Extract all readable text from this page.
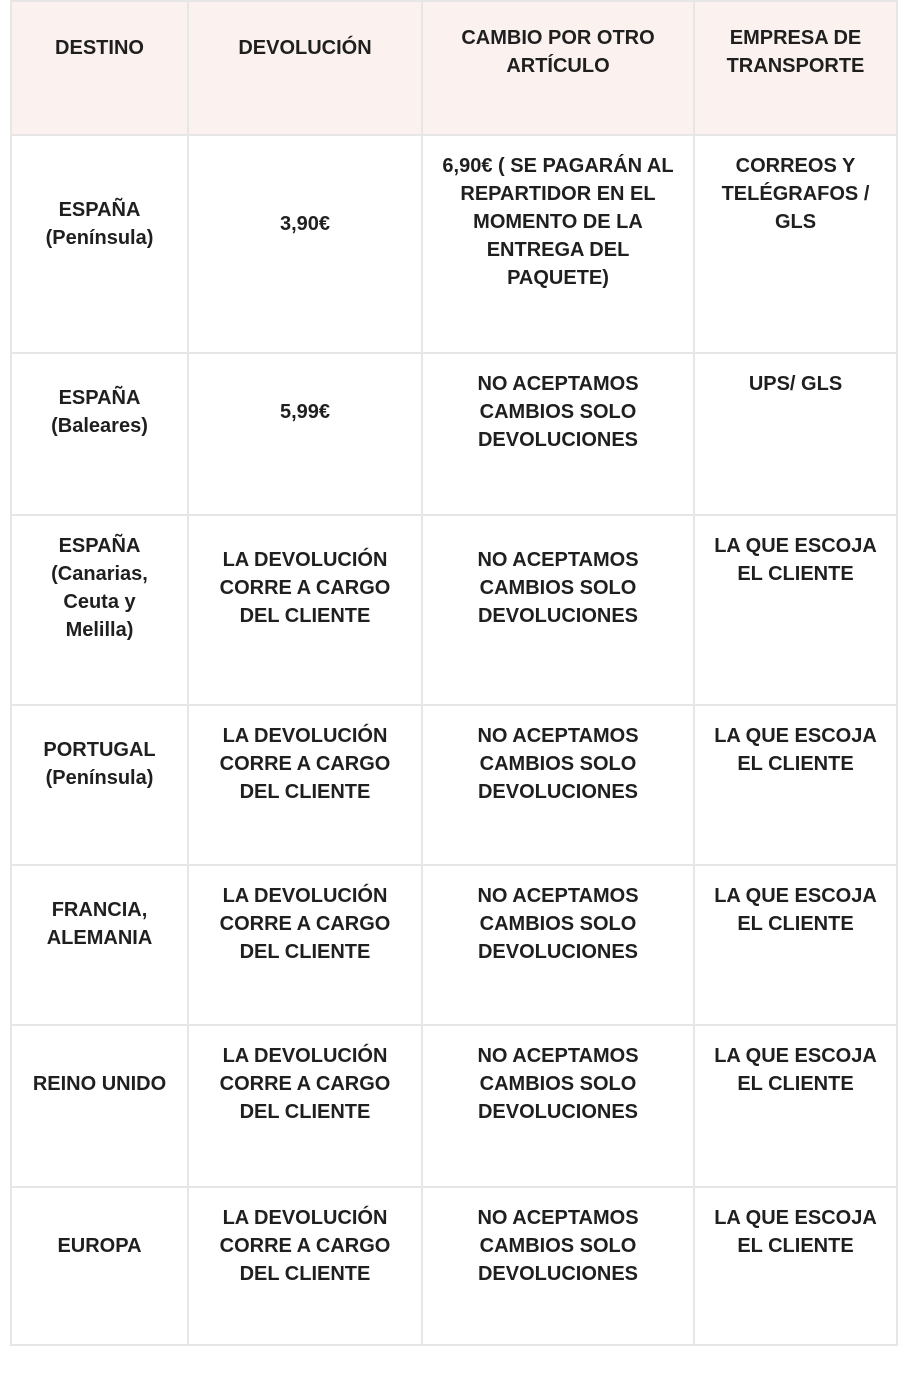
DESTINO	DEVOLUCIÓN	CAMBIO POR OTRO ARTÍCULO	EMPRESA DE TRANSPORTE

ESPAÑA (Península)	3,90€	6,90€ ( SE PAGARÁN AL REPARTIDOR EN EL MOMENTO DE LA ENTREGA DEL PAQUETE)	CORREOS Y TELÉGRAFOS / GLS

ESPAÑA (Baleares)	5,99€	NO ACEPTAMOS CAMBIOS SOLO DEVOLUCIONES	UPS/ GLS

ESPAÑA (Canarias, Ceuta y Melilla)	LA DEVOLUCIÓN CORRE A CARGO DEL CLIENTE	NO ACEPTAMOS CAMBIOS SOLO DEVOLUCIONES	LA QUE ESCOJA EL CLIENTE

PORTUGAL (Península)	LA DEVOLUCIÓN CORRE A CARGO DEL CLIENTE	NO ACEPTAMOS CAMBIOS SOLO DEVOLUCIONES	LA QUE ESCOJA EL CLIENTE

FRANCIA, ALEMANIA	LA DEVOLUCIÓN CORRE A CARGO DEL CLIENTE	NO ACEPTAMOS CAMBIOS SOLO DEVOLUCIONES	LA QUE ESCOJA EL CLIENTE

REINO UNIDO	LA DEVOLUCIÓN CORRE A CARGO DEL CLIENTE	NO ACEPTAMOS CAMBIOS SOLO DEVOLUCIONES	LA QUE ESCOJA EL CLIENTE

EUROPA	LA DEVOLUCIÓN CORRE A CARGO DEL CLIENTE	NO ACEPTAMOS CAMBIOS SOLO DEVOLUCIONES	LA QUE ESCOJA EL CLIENTE
